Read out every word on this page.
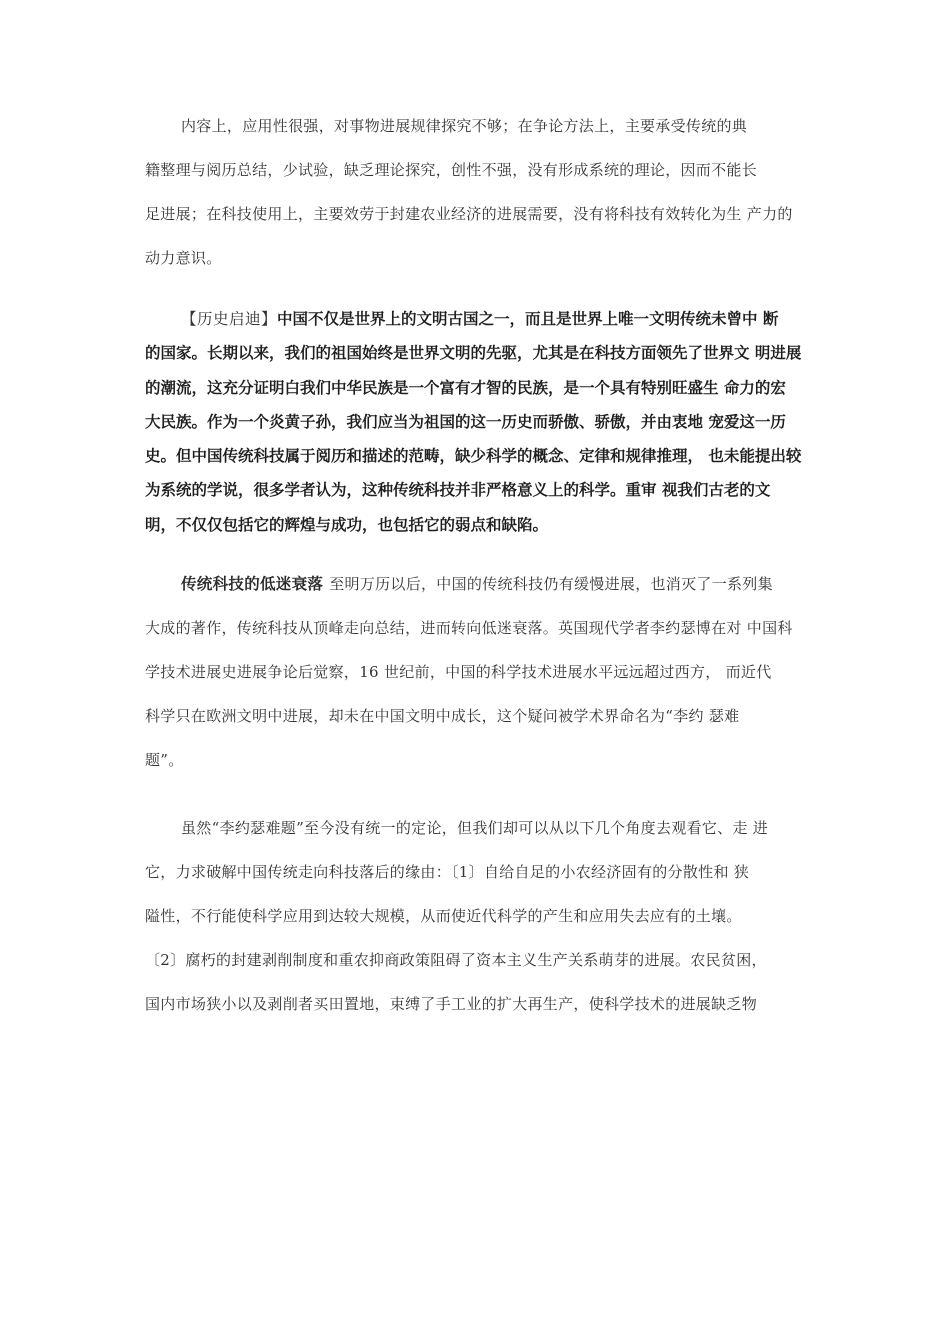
内容上，应用性很强，对事物进展规律探究不够；在争论方法上，主要承受传统的典
籍整理与阅历总结，少试验，缺乏理论探究，创性不强，没有形成系统的理论，因而不能长
足进展；在科技使用上，主要效劳于封建农业经济的进展需要，没有将科技有效转化为生 产力的
动力意识。
【历史启迪】中国不仅是世界上的文明古国之一，而且是世界上唯一文明传统未曾中 断
的国家。长期以来，我们的祖国始终是世界文明的先驱，尤其是在科技方面领先了世界文 明进展
的潮流，这充分证明白我们中华民族是一个富有才智的民族，是一个具有特别旺盛生 命力的宏
大民族。作为一个炎黄子孙，我们应当为祖国的这一历史而骄傲、骄傲，并由衷地 宠爱这一历
史。但中国传统科技属于阅历和描述的范畴，缺少科学的概念、定律和规律推理， 也未能提出较
为系统的学说，很多学者认为，这种传统科技并非严格意义上的科学。重审 视我们古老的文
明，不仅仅包括它的辉煌与成功，也包括它的弱点和缺陷。
传统科技的低迷衰落 至明万历以后，中国的传统科技仍有缓慢进展，也消灭了一系列集
大成的著作，传统科技从顶峰走向总结，进而转向低迷衰落。英国现代学者李约瑟博在对 中国科
学技术进展史进展争论后觉察，16 世纪前，中国的科学技术进展水平远远超过西方， 而近代
科学只在欧洲文明中进展，却未在中国文明中成长，这个疑问被学术界命名为“李约 瑟难
题”。
虽然“李约瑟难题”至今没有统一的定论，但我们却可以从以下几个角度去观看它、走 进
它，力求破解中国传统走向科技落后的缘由：〔1〕自给自足的小农经济固有的分散性和 狭
隘性，不行能使科学应用到达较大规模，从而使近代科学的产生和应用失去应有的土壤。
〔2〕腐朽的封建剥削制度和重农抑商政策阻碍了资本主义生产关系萌芽的进展。农民贫困，
国内市场狭小以及剥削者买田置地，束缚了手工业的扩大再生产，使科学技术的进展缺乏物
